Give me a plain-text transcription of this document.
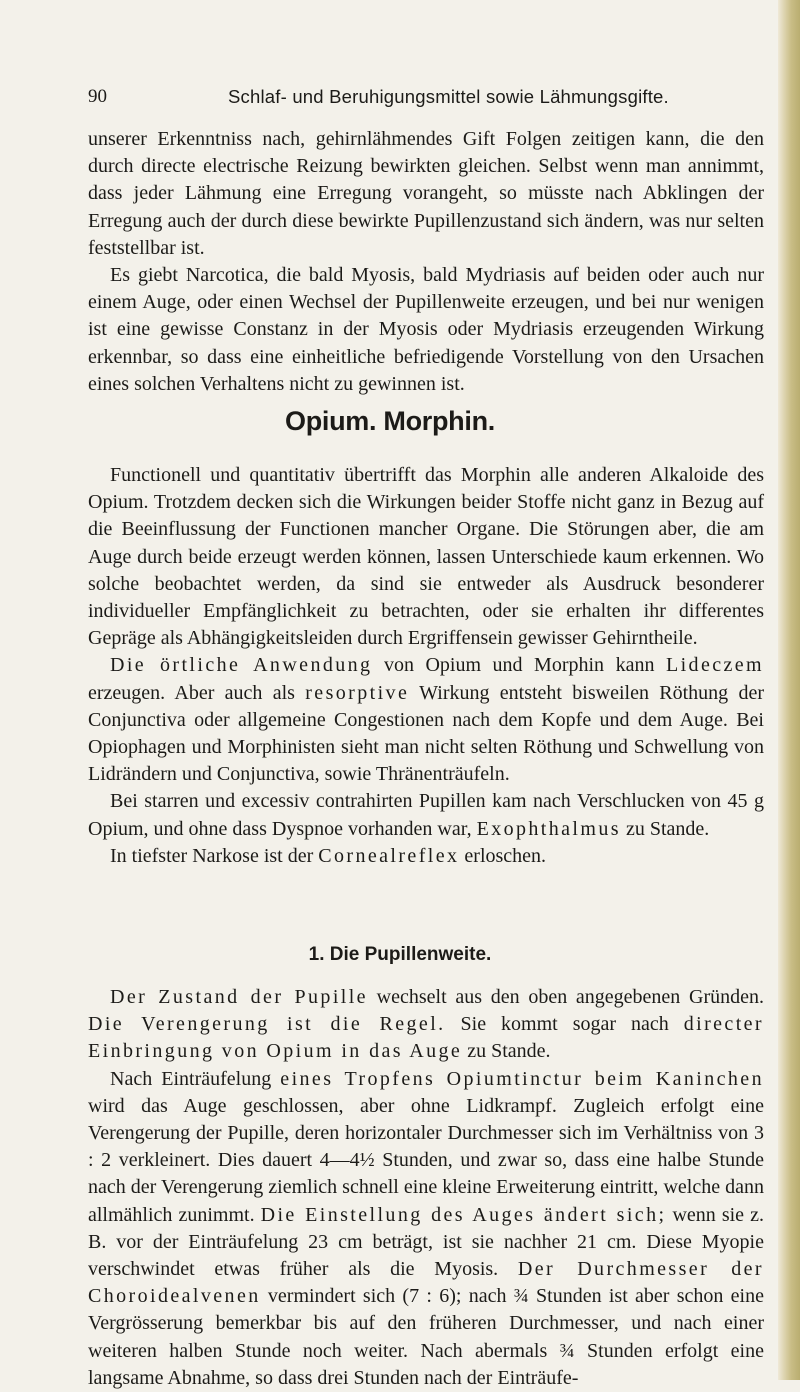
90	Schlaf- und Beruhigungsmittel sowie Lähmungsgifte.

unserer Erkenntniss nach, gehirnlähmendes Gift Folgen zeitigen kann, die den durch directe electrische Reizung bewirkten gleichen. Selbst wenn man annimmt, dass jeder Lähmung eine Erregung vorangeht, so müsste nach Abklingen der Erregung auch der durch diese bewirkte Pupillenzustand sich ändern, was nur selten feststellbar ist.

Es giebt Narcotica, die bald Myosis, bald Mydriasis auf beiden oder auch nur einem Auge, oder einen Wechsel der Pupillenweite erzeugen, und bei nur wenigen ist eine gewisse Constanz in der Myosis oder Mydriasis erzeugenden Wirkung erkennbar, so dass eine einheitliche befriedigende Vorstellung von den Ursachen eines solchen Verhaltens nicht zu gewinnen ist.

Opium. Morphin.

Functionell und quantitativ übertrifft das Morphin alle anderen Alkaloide des Opium. Trotzdem decken sich die Wirkungen beider Stoffe nicht ganz in Bezug auf die Beeinflussung der Functionen mancher Organe. Die Störungen aber, die am Auge durch beide erzeugt werden können, lassen Unterschiede kaum erkennen. Wo solche beobachtet werden, da sind sie entweder als Ausdruck besonderer individueller Empfänglichkeit zu betrachten, oder sie erhalten ihr differentes Gepräge als Abhängigkeitsleiden durch Ergriffensein gewisser Gehirntheile.

Die örtliche Anwendung von Opium und Morphin kann Lideczem erzeugen. Aber auch als resorptive Wirkung entsteht bisweilen Röthung der Conjunctiva oder allgemeine Congestionen nach dem Kopfe und dem Auge. Bei Opiophagen und Morphinisten sieht man nicht selten Röthung und Schwellung von Lidrändern und Conjunctiva, sowie Thränenträufeln.

Bei starren und excessiv contrahirten Pupillen kam nach Verschlucken von 45 g Opium, und ohne dass Dyspnoe vorhanden war, Exophthalmus zu Stande.

In tiefster Narkose ist der Cornealreflex erloschen.

1. Die Pupillenweite.

Der Zustand der Pupille wechselt aus den oben angegebenen Gründen. Die Verengerung ist die Regel. Sie kommt sogar nach directer Einbringung von Opium in das Auge zu Stande.

Nach Einträufelung eines Tropfens Opiumtinctur beim Kaninchen wird das Auge geschlossen, aber ohne Lidkrampf. Zugleich erfolgt eine Verengerung der Pupille, deren horizontaler Durchmesser sich im Verhältniss von 3 : 2 verkleinert. Dies dauert 4—4½ Stunden, und zwar so, dass eine halbe Stunde nach der Verengerung ziemlich schnell eine kleine Erweiterung eintritt, welche dann allmählich zunimmt. Die Einstellung des Auges ändert sich; wenn sie z. B. vor der Einträufelung 23 cm beträgt, ist sie nachher 21 cm. Diese Myopie verschwindet etwas früher als die Myosis. Der Durchmesser der Choroidealvenen vermindert sich (7 : 6); nach ¾ Stunden ist aber schon eine Vergrösserung bemerkbar bis auf den früheren Durchmesser, und nach einer weiteren halben Stunde noch weiter. Nach abermals ¾ Stunden erfolgt eine langsame Abnahme, so dass drei Stunden nach der Einträufe-
